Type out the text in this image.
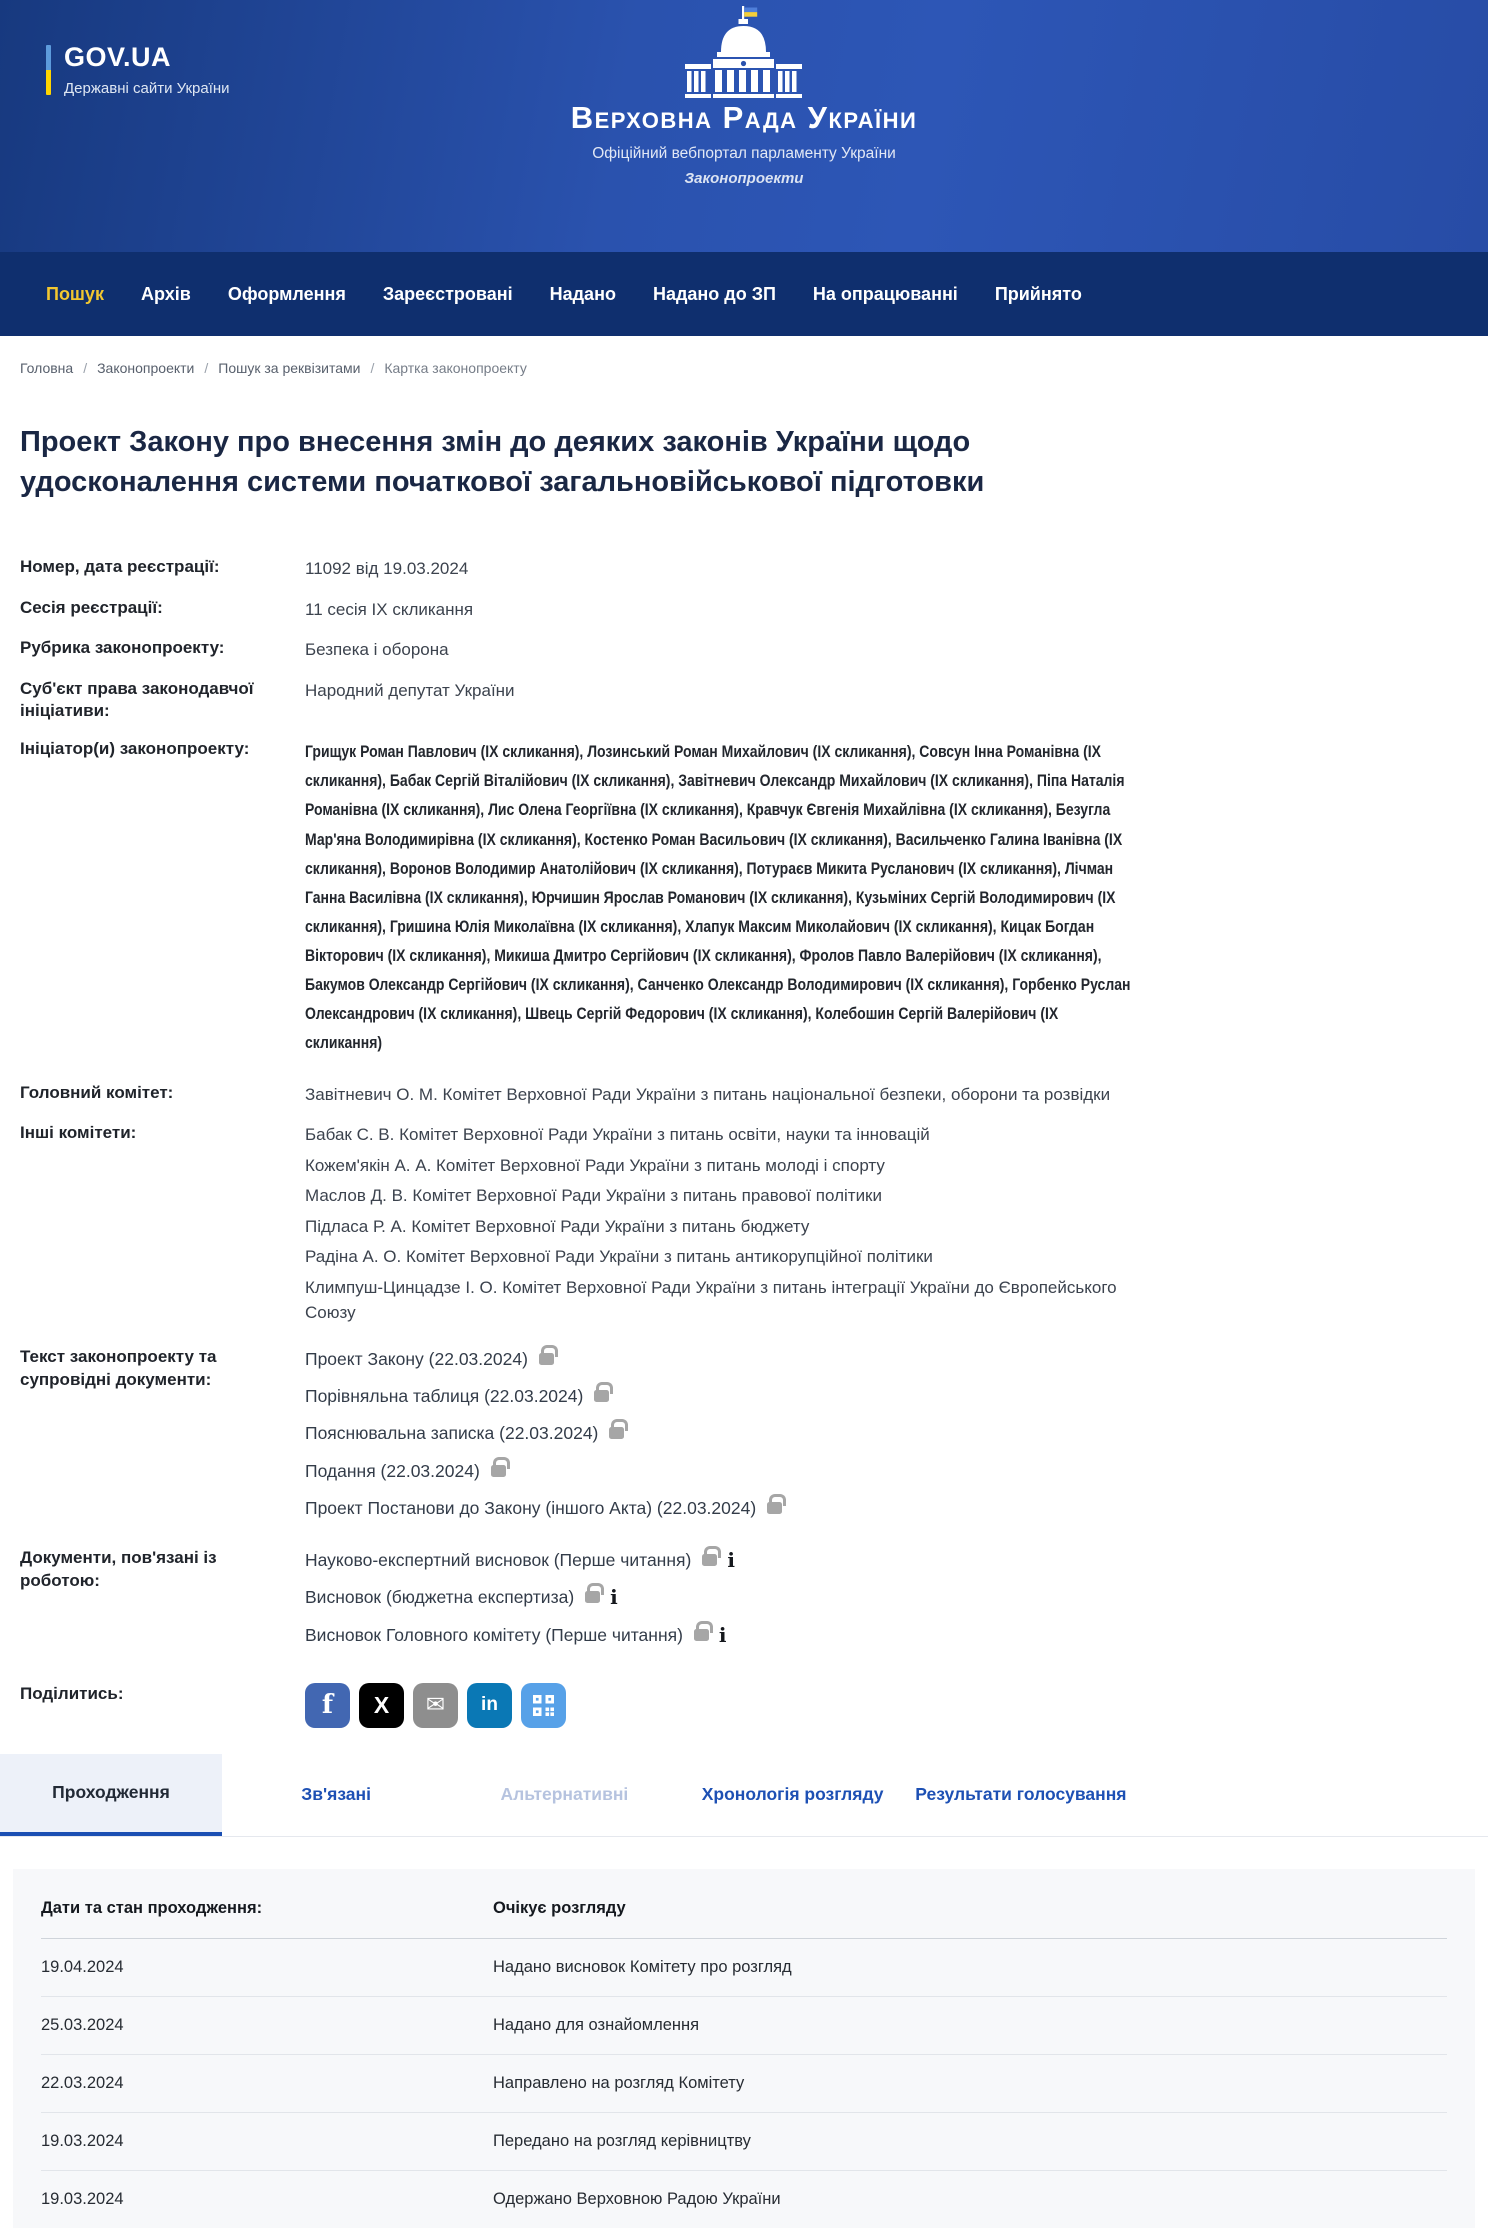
GOV.UA
Державні сайти України
Верховна Рада України
Офіційний вебпортал парламенту України
Законопроекти
Пошук Архів Оформлення Зареєстровані Надано Надано до ЗП На опрацюванні Прийнято
Головна / Законопроекти / Пошук за реквізитами / Картка законопроекту
Проект Закону про внесення змін до деяких законів України щодо удосконалення системи початкової загальновійськової підготовки
Номер, дата реєстрації:	11092 від 19.03.2024
Сесія реєстрації:	11 сесія IX скликання
Рубрика законопроекту:	Безпека і оборона
Суб'єкт права законодавчої ініціативи:
Народний депутат України
Ініціатор(и) законопроекту:	Грищук Роман Павлович (IX скликання), Лозинський Роман Михайлович (IX скликання), Совсун Інна Романівна (IX скликання), Бабак Сергій Віталійович (IX скликання), Завітневич Олександр Михайлович (IX скликання), Піпа Наталія Романівна (IX скликання), Лис Олена Георгіївна (IX скликання), Кравчук Євгенія Михайлівна (IX скликання), Безугла Мар'яна Володимирівна (IX скликання), Костенко Роман Васильович (IX скликання), Васильченко Галина Іванівна (IX скликання), Воронов Володимир Анатолійович (IX скликання), Потураєв Микита Русланович (IX скликання), Лічман Ганна Василівна (IX скликання), Юрчишин Ярослав Романович (IX скликання), Кузьміних Сергій Володимирович (IX скликання), Гришина Юлія Миколаївна (IX скликання), Хлапук Максим Миколайович (IX скликання), Кицак Богдан Вікторович (IX скликання), Микиша Дмитро Сергійович (IX скликання), Фролов Павло Валерійович (IX скликання), Бакумов Олександр Сергійович (IX скликання), Санченко Олександр Володимирович (IX скликання), Горбенко Руслан Олександрович (IX скликання), Швець Сергій Федорович (IX скликання), Колебошин Сергій Валерійович (IX скликання)
Головний комітет:	Завітневич О. М. Комітет Верховної Ради України з питань національної безпеки, оборони та розвідки
Інші комітети:	Бабак С. В. Комітет Верховної Ради України з питань освіти, науки та інновацій
Кожем'якін А. А. Комітет Верховної Ради України з питань молоді і спорту
Маслов Д. В. Комітет Верховної Ради України з питань правової політики
Підласа Р. А. Комітет Верховної Ради України з питань бюджету
Радіна А. О. Комітет Верховної Ради України з питань антикорупційної політики
Климпуш-Цинцадзе І. О. Комітет Верховної Ради України з питань інтеграції України до Європейського Союзу
Текст законопроекту та супровідні документи:
Проект Закону (22.03.2024)
Порівняльна таблиця (22.03.2024)
Пояснювальна записка (22.03.2024)
Подання (22.03.2024)
Проект Постанови до Закону (іншого Акта) (22.03.2024)
Документи, пов'язані із роботою:
Науково-експертний висновок (Перше читання) i
Висновок (бюджетна експертиза) i
Висновок Головного комітету (Перше читання) i
Поділитись:	f	X	✉	in
Проходження	Зв'язані	Альтернативні	Хронологія розгляду Результати голосування
Дати та стан проходження:	Очікує розгляду
19.04.2024	Надано висновок Комітету про розгляд
25.03.2024	Надано для ознайомлення
22.03.2024	Направлено на розгляд Комітету
19.03.2024	Передано на розгляд керівництву
19.03.2024	Одержано Верховною Радою України
